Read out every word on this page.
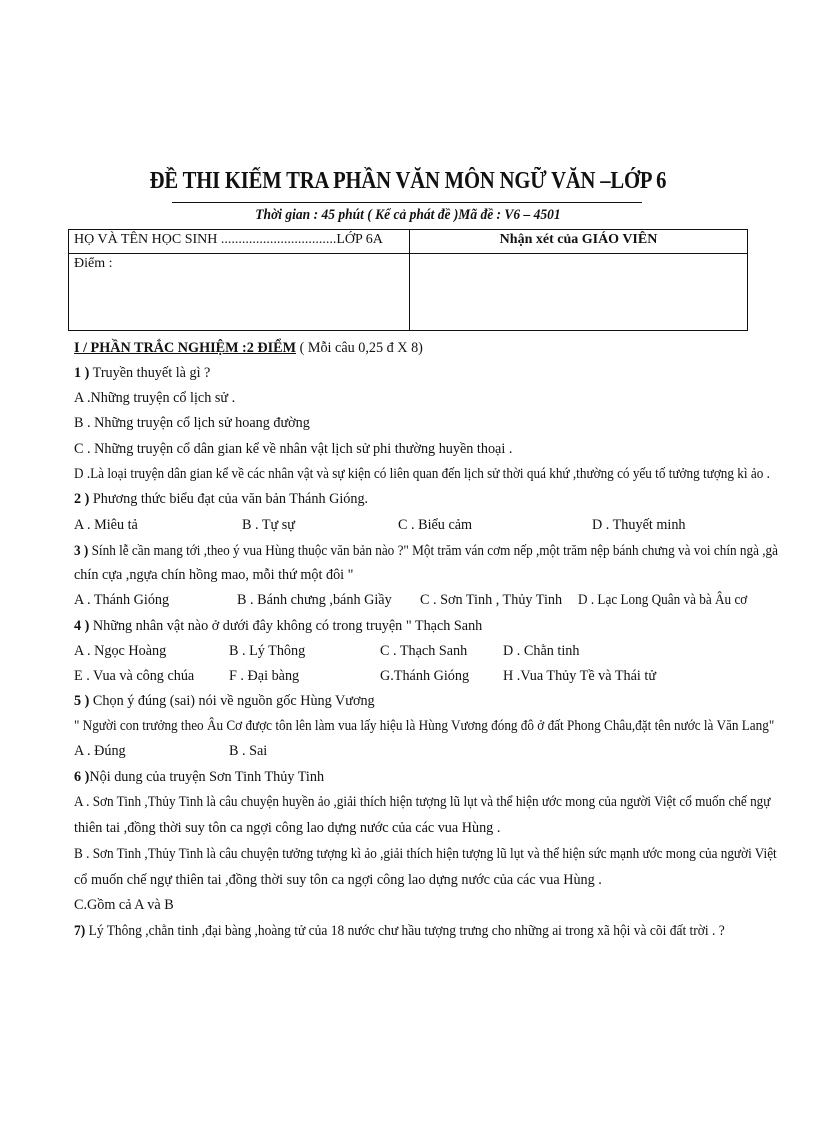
ĐỀ THI KIỂM TRA PHẦN VĂN MÔN NGỮ VĂN –LỚP 6
Thời gian : 45 phút ( Kể cả phát đề )Mã đề : V6 – 4501
HỌ VÀ TÊN HỌC SINH .................................LỚP 6A	Nhận xét của GIÁO VIÊN
Điểm :	
I / PHẦN TRẮC NGHIỆM :2 ĐIỂM ( Mỗi câu 0,25 đ X 8)
1 ) Truyền thuyết là gì ?
A .Những truyện cổ lịch sử .
B . Những truyện cổ lịch sử hoang đường
C . Những truyện cổ dân gian kể về nhân vật lịch sử phi thường huyền thoại .
D .Là loại truyện dân gian kể về các nhân vật và sự kiện có liên quan đến lịch sử thời quá khứ ,thường có yếu tố tưởng tượng kì ảo .
2 ) Phương thức biểu đạt của văn bản Thánh Gióng.
A . Miêu tả	B . Tự sự	C . Biểu cảm	D . Thuyết minh
3 ) Sính lễ cần mang tới ,theo ý vua Hùng thuộc văn bản nào ?" Một trăm ván cơm nếp ,một trăm nệp bánh chưng và voi chín ngà ,gà
chín cựa ,ngựa chín hồng mao, mỗi thứ một đôi "
A . Thánh Gióng	B . Bánh chưng ,bánh Giầy C . Sơn Tinh , Thủy Tinh D . Lạc Long Quân và bà Âu cơ
4 ) Những nhân vật nào ở dưới đây không có trong truyện " Thạch Sanh
A . Ngọc Hoàng	B . Lý Thông	C . Thạch Sanh	D . Chằn tinh
E . Vua và công chúa F . Đại bàng	G.Thánh Gióng H .Vua Thủy Tề và Thái tử
5 ) Chọn ý đúng (sai) nói về nguồn gốc Hùng Vương
" Người con trưởng theo Âu Cơ được tôn lên làm vua lấy hiệu là Hùng Vương đóng đô ở đất Phong Châu,đặt tên nước là Văn Lang"
A . Đúng	B . Sai
6 )Nội dung của truyện Sơn Tinh Thủy Tinh
A . Sơn Tinh ,Thủy Tinh là câu chuyện huyền ảo ,giải thích hiện tượng lũ lụt và thể hiện ước mong của người Việt cổ muốn chế ngự
thiên tai ,đồng thời suy tôn ca ngợi công lao dựng nước của các vua Hùng .
B . Sơn Tinh ,Thủy Tinh là câu chuyện tưởng tượng kì ảo ,giải thích hiện tượng lũ lụt và thể hiện sức mạnh ước mong của người Việt
cổ muốn chế ngự thiên tai ,đồng thời suy tôn ca ngợi công lao dựng nước của các vua Hùng .
C.Gồm cả A và B
7) Lý Thông ,chằn tinh ,đại bàng ,hoàng tử của 18 nước chư hầu tượng trưng cho những ai trong xã hội và cõi đất trời . ?
